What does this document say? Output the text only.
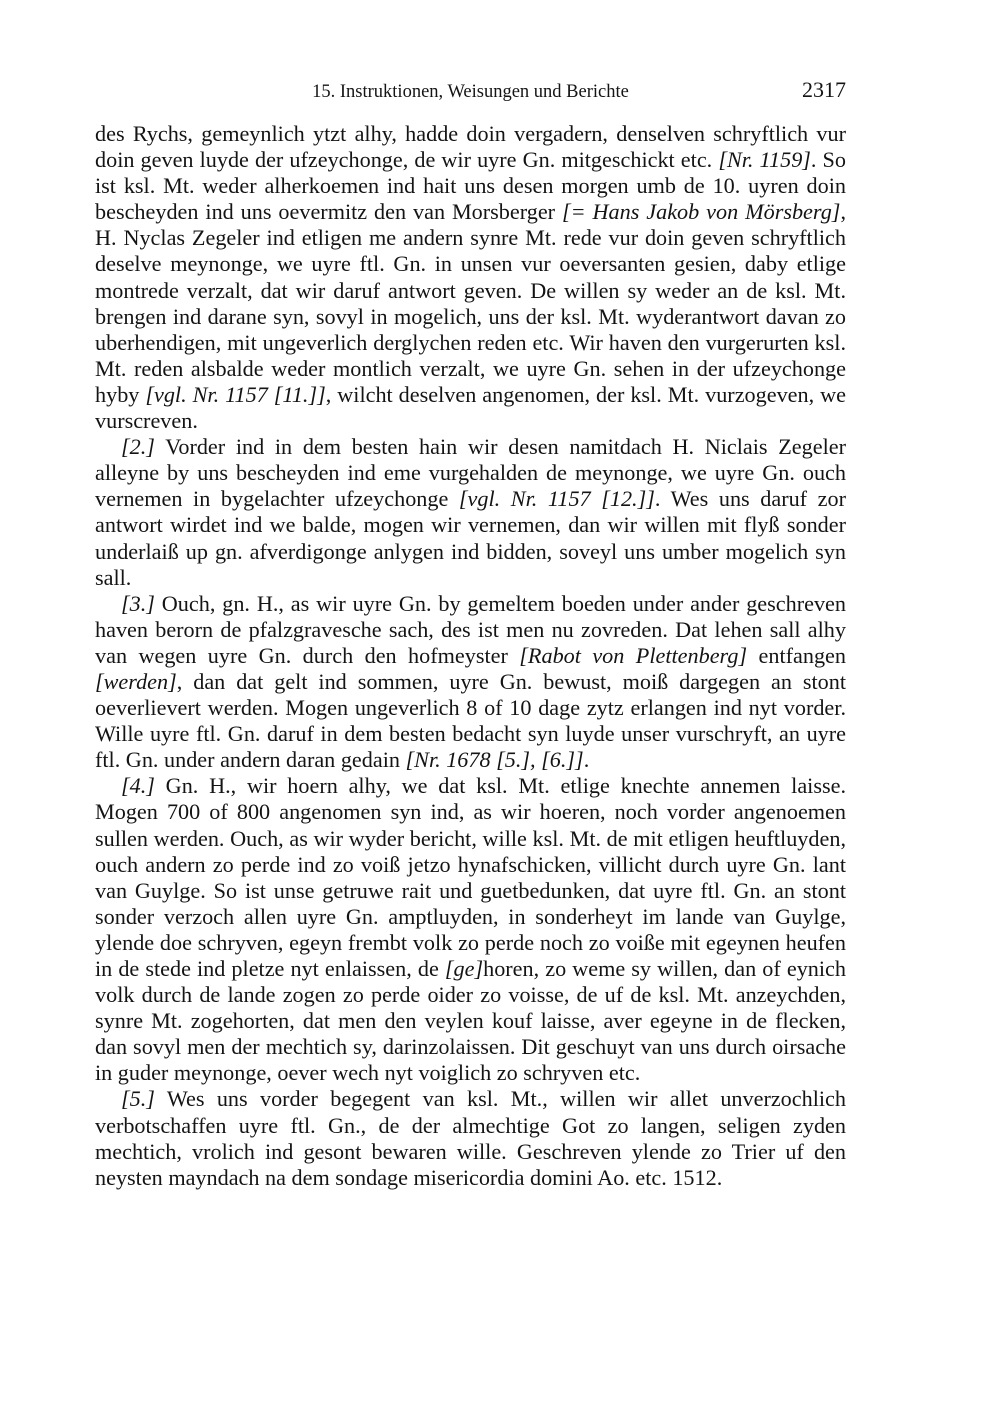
15. Instruktionen, Weisungen und Berichte	2317

des Rychs, gemeynlich ytzt alhy, hadde doin vergadern, denselven schryftlich vur doin geven luyde der ufzeychonge, de wir uyre Gn. mitgeschickt etc. [Nr. 1159]. So ist ksl. Mt. weder alherkoemen ind hait uns desen morgen umb de 10. uyren doin bescheyden ind uns oevermitz den van Morsberger [= Hans Jakob von Mörsberg], H. Nyclas Zegeler ind etligen me andern synre Mt. rede vur doin geven schryftlich deselve meynonge, we uyre ftl. Gn. in unsen vur oeversanten gesien, daby etlige montrede verzalt, dat wir daruf antwort geven. De willen sy weder an de ksl. Mt. brengen ind darane syn, sovyl in mogelich, uns der ksl. Mt. wyderantwort davan zo uberhendigen, mit ungeverlich derglychen reden etc. Wir haven den vurgerurten ksl. Mt. reden alsbalde weder montlich verzalt, we uyre Gn. sehen in der ufzeychonge hyby [vgl. Nr. 1157 [11.]], wilcht deselven angenomen, der ksl. Mt. vurzogeven, we vurscreven.

[2.] Vorder ind in dem besten hain wir desen namitdach H. Niclais Zegeler alleyne by uns bescheyden ind eme vurgehalden de meynonge, we uyre Gn. ouch vernemen in bygelachter ufzeychonge [vgl. Nr. 1157 [12.]]. Wes uns daruf zor antwort wirdet ind we balde, mogen wir vernemen, dan wir willen mit flyß sonder underlaiß up gn. afverdigonge anlygen ind bidden, soveyl uns umber mogelich syn sall.

[3.] Ouch, gn. H., as wir uyre Gn. by gemeltem boeden under ander geschreven haven berorn de pfalzgravesche sach, des ist men nu zovreden. Dat lehen sall alhy van wegen uyre Gn. durch den hofmeyster [Rabot von Plettenberg] entfangen [werden], dan dat gelt ind sommen, uyre Gn. bewust, moiß dargegen an stont oeverlievert werden. Mogen ungeverlich 8 of 10 dage zytz erlangen ind nyt vorder. Wille uyre ftl. Gn. daruf in dem besten bedacht syn luyde unser vurschryft, an uyre ftl. Gn. under andern daran gedain [Nr. 1678 [5.], [6.]].

[4.] Gn. H., wir hoern alhy, we dat ksl. Mt. etlige knechte annemen laisse. Mogen 700 of 800 angenomen syn ind, as wir hoeren, noch vorder angenoemen sullen werden. Ouch, as wir wyder bericht, wille ksl. Mt. de mit etligen heuftluyden, ouch andern zo perde ind zo voiß jetzo hynafschicken, villicht durch uyre Gn. lant van Guylge. So ist unse getruwe rait und guetbedunken, dat uyre ftl. Gn. an stont sonder verzoch allen uyre Gn. amptluyden, in sonderheyt im lande van Guylge, ylende doe schryven, egeyn frembt volk zo perde noch zo voiße mit egeynen heufen in de stede ind pletze nyt enlaissen, de [ge]horen, zo weme sy willen, dan of eynich volk durch de lande zogen zo perde oider zo voisse, de uf de ksl. Mt. anzeychden, synre Mt. zogehorten, dat men den veylen kouf laisse, aver egeyne in de flecken, dan sovyl men der mechtich sy, darinzolaissen. Dit geschuyt van uns durch oirsache in guder meynonge, oever wech nyt voiglich zo schryven etc.

[5.] Wes uns vorder begegent van ksl. Mt., willen wir allet unverzochlich verbotschaffen uyre ftl. Gn., de der almechtige Got zo langen, seligen zyden mechtich, vrolich ind gesont bewaren wille. Geschreven ylende zo Trier uf den neysten mayndach na dem sondage misericordia domini Ao. etc. 1512.
